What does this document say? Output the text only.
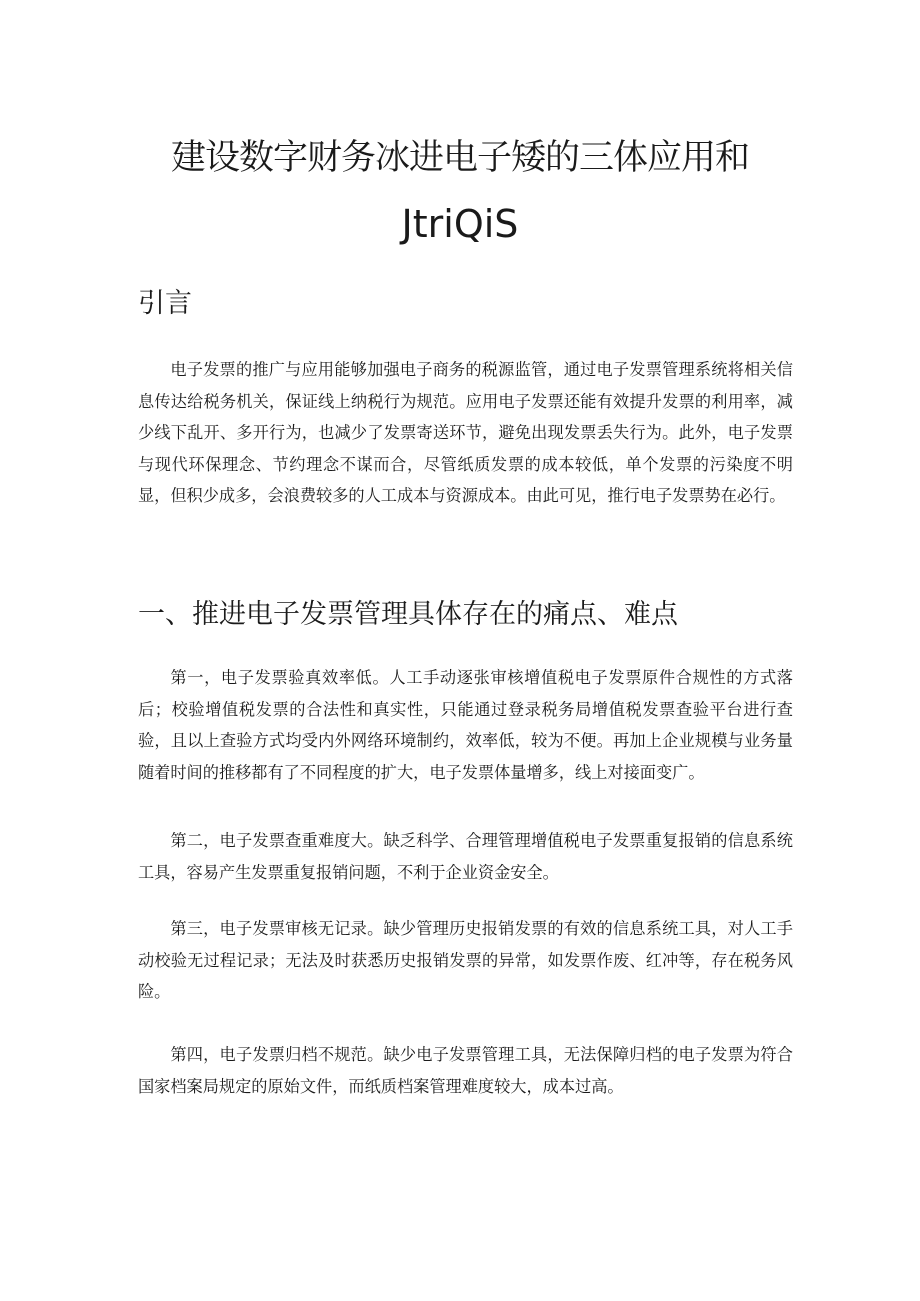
建设数字财务冰进电子矮的三体应用和
JtriQiS
引言

电子发票的推广与应用能够加强电子商务的税源监管，通过电子发票管理系统将相关信息传达给税务机关，保证线上纳税行为规范。应用电子发票还能有效提升发票的利用率，减少线下乱开、多开行为，也减少了发票寄送环节，避免出现发票丢失行为。此外，电子发票与现代环保理念、节约理念不谋而合，尽管纸质发票的成本较低，单个发票的污染度不明显，但积少成多，会浪费较多的人工成本与资源成本。由此可见，推行电子发票势在必行。

一、推进电子发票管理具体存在的痛点、难点

第一，电子发票验真效率低。人工手动逐张审核增值税电子发票原件合规性的方式落后；校验增值税发票的合法性和真实性，只能通过登录税务局增值税发票查验平台进行查验，且以上查验方式均受内外网络环境制约，效率低，较为不便。再加上企业规模与业务量随着时间的推移都有了不同程度的扩大，电子发票体量增多，线上对接面变广。

第二，电子发票查重难度大。缺乏科学、合理管理增值税电子发票重复报销的信息系统工具，容易产生发票重复报销问题，不利于企业资金安全。

第三，电子发票审核无记录。缺少管理历史报销发票的有效的信息系统工具，对人工手动校验无过程记录；无法及时获悉历史报销发票的异常，如发票作废、红冲等，存在税务风险。

第四，电子发票归档不规范。缺少电子发票管理工具，无法保障归档的电子发票为符合国家档案局规定的原始文件，而纸质档案管理难度较大，成本过高。
